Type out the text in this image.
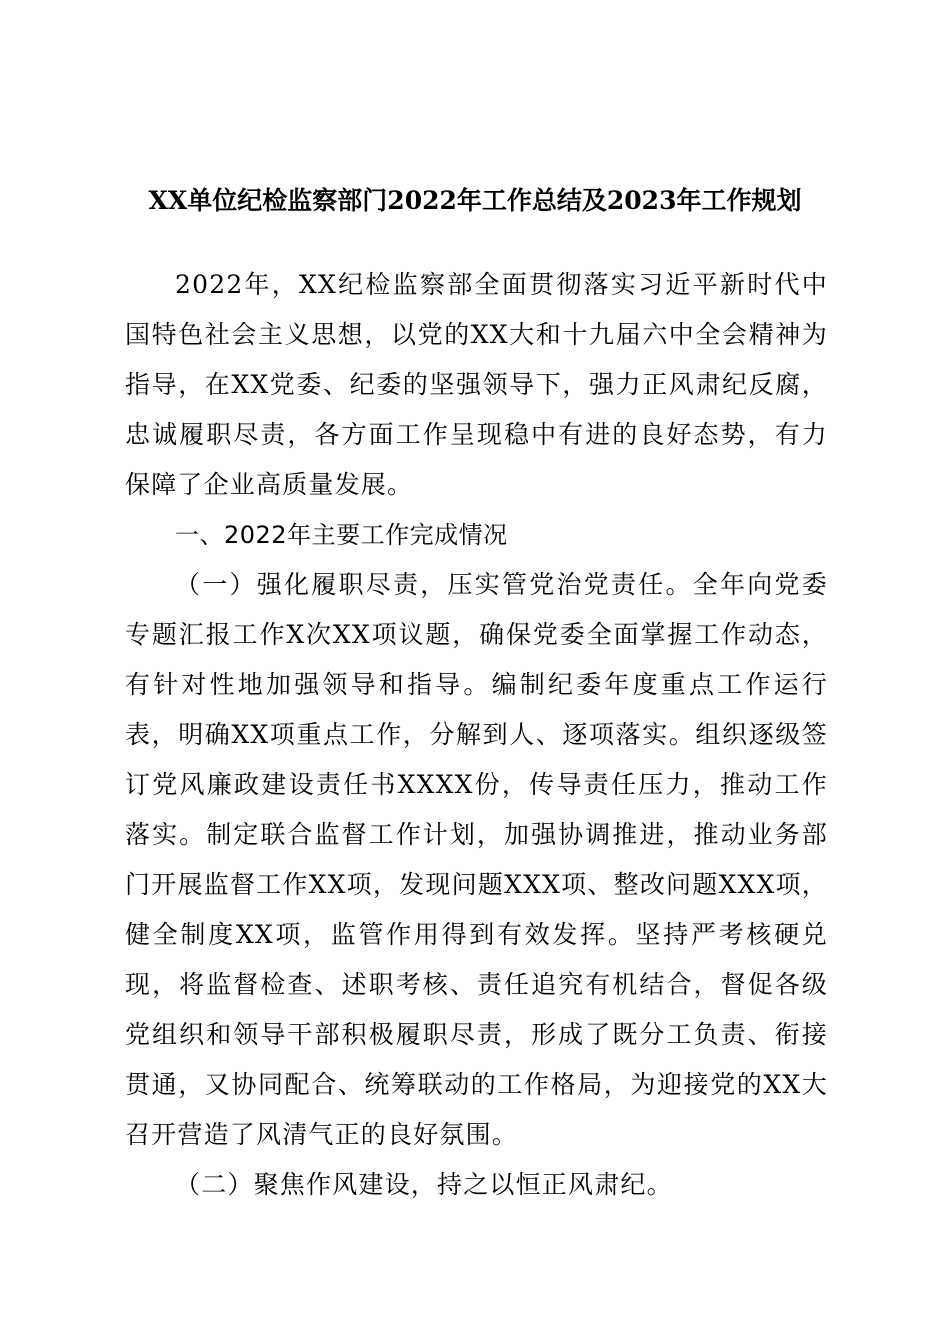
XX单位纪检监察部门2022年工作总结及2023年工作规划

2022年，XX纪检监察部全面贯彻落实习近平新时代中国特色社会主义思想，以党的XX大和十九届六中全会精神为指导，在XX党委、纪委的坚强领导下，强力正风肃纪反腐，忠诚履职尽责，各方面工作呈现稳中有进的良好态势，有力保障了企业高质量发展。

一、2022年主要工作完成情况

（一）强化履职尽责，压实管党治党责任。全年向党委专题汇报工作X次XX项议题，确保党委全面掌握工作动态，有针对性地加强领导和指导。编制纪委年度重点工作运行表，明确XX项重点工作，分解到人、逐项落实。组织逐级签订党风廉政建设责任书XXXX份，传导责任压力，推动工作落实。制定联合监督工作计划，加强协调推进，推动业务部门开展监督工作XX项，发现问题XXX项、整改问题XXX项，健全制度XX项，监管作用得到有效发挥。坚持严考核硬兑现，将监督检查、述职考核、责任追究有机结合，督促各级党组织和领导干部积极履职尽责，形成了既分工负责、衔接贯通，又协同配合、统筹联动的工作格局，为迎接党的XX大召开营造了风清气正的良好氛围。

（二）聚焦作风建设，持之以恒正风肃纪。
